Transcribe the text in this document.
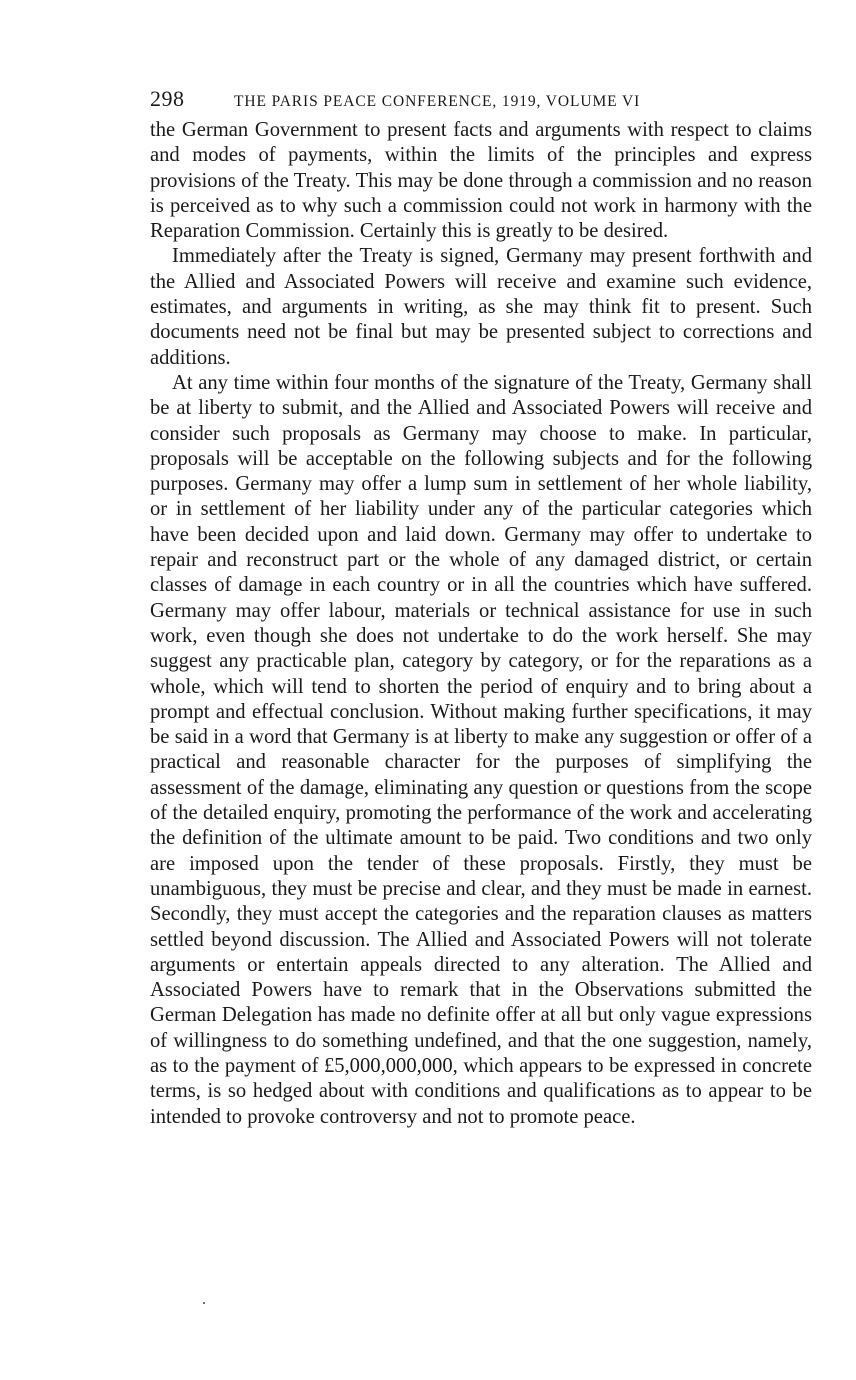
298	THE PARIS PEACE CONFERENCE, 1919, VOLUME VI

the German Government to present facts and arguments with respect to claims and modes of payments, within the limits of the principles and express provisions of the Treaty. This may be done through a commission and no reason is perceived as to why such a commission could not work in harmony with the Reparation Commission. Certainly this is greatly to be desired.

Immediately after the Treaty is signed, Germany may present forthwith and the Allied and Associated Powers will receive and examine such evidence, estimates, and arguments in writing, as she may think fit to present. Such documents need not be final but may be presented subject to corrections and additions.

At any time within four months of the signature of the Treaty, Germany shall be at liberty to submit, and the Allied and Associated Powers will receive and consider such proposals as Germany may choose to make. In particular, proposals will be acceptable on the following subjects and for the following purposes. Germany may offer a lump sum in settlement of her whole liability, or in settlement of her liability under any of the particular categories which have been decided upon and laid down. Germany may offer to undertake to repair and reconstruct part or the whole of any damaged district, or certain classes of damage in each country or in all the countries which have suffered. Germany may offer labour, materials or technical assistance for use in such work, even though she does not undertake to do the work herself. She may suggest any practicable plan, category by category, or for the reparations as a whole, which will tend to shorten the period of enquiry and to bring about a prompt and effectual conclusion. Without making further specifications, it may be said in a word that Germany is at liberty to make any suggestion or offer of a practical and reasonable character for the purposes of simplifying the assessment of the damage, eliminating any question or questions from the scope of the detailed enquiry, promoting the performance of the work and accelerating the definition of the ultimate amount to be paid. Two conditions and two only are imposed upon the tender of these proposals. Firstly, they must be unambiguous, they must be precise and clear, and they must be made in earnest. Secondly, they must accept the categories and the reparation clauses as matters settled beyond discussion. The Allied and Associated Powers will not tolerate arguments or entertain appeals directed to any alteration. The Allied and Associated Powers have to remark that in the Observations submitted the German Delegation has made no definite offer at all but only vague expressions of willingness to do something undefined, and that the one suggestion, namely, as to the payment of £5,000,000,000, which appears to be expressed in concrete terms, is so hedged about with conditions and qualifications as to appear to be intended to provoke controversy and not to promote peace.
